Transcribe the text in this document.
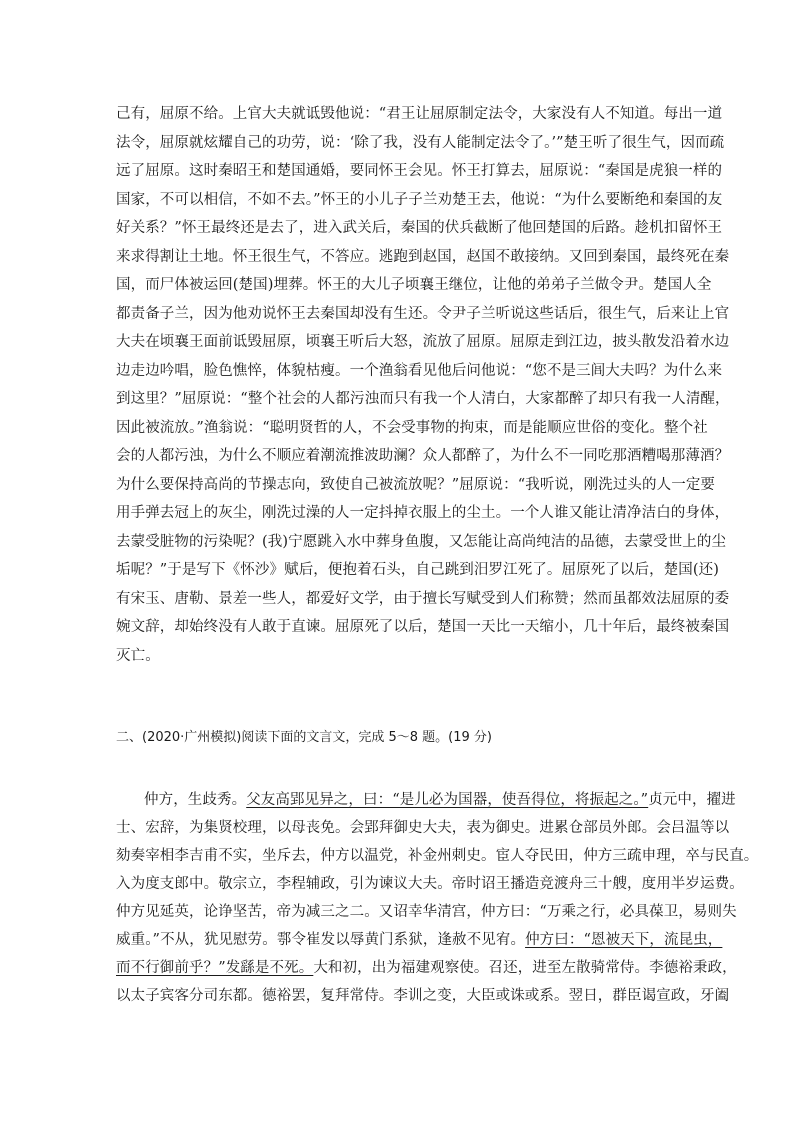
己有，屈原不给。上官大夫就诋毁他说：“君王让屈原制定法令，大家没有人不知道。每出一道
法令，屈原就炫耀自己的功劳，说：‘除了我，没有人能制定法令了。’”楚王听了很生气，因而疏
远了屈原。这时秦昭王和楚国通婚，要同怀王会见。怀王打算去，屈原说：“秦国是虎狼一样的
国家，不可以相信，不如不去。”怀王的小儿子子兰劝楚王去，他说：“为什么要断绝和秦国的友
好关系？”怀王最终还是去了，进入武关后，秦国的伏兵截断了他回楚国的后路。趁机扣留怀王
来求得割让土地。怀王很生气，不答应。逃跑到赵国，赵国不敢接纳。又回到秦国，最终死在秦
国，而尸体被运回(楚国)埋葬。怀王的大儿子顷襄王继位，让他的弟弟子兰做令尹。楚国人全
都责备子兰，因为他劝说怀王去秦国却没有生还。令尹子兰听说这些话后，很生气，后来让上官
大夫在顷襄王面前诋毁屈原，顷襄王听后大怒，流放了屈原。屈原走到江边，披头散发沿着水边
边走边吟唱，脸色憔悴，体貌枯瘦。一个渔翁看见他后问他说：“您不是三闾大夫吗？为什么来
到这里？”屈原说：“整个社会的人都污浊而只有我一个人清白，大家都醉了却只有我一人清醒，
因此被流放。”渔翁说：“聪明贤哲的人，不会受事物的拘束，而是能顺应世俗的变化。整个社
会的人都污浊，为什么不顺应着潮流推波助澜？众人都醉了，为什么不一同吃那酒糟喝那薄酒？
为什么要保持高尚的节操志向，致使自己被流放呢？”屈原说：“我听说，刚洗过头的人一定要
用手弹去冠上的灰尘，刚洗过澡的人一定抖掉衣服上的尘土。一个人谁又能让清净洁白的身体，
去蒙受脏物的污染呢？(我)宁愿跳入水中葬身鱼腹，又怎能让高尚纯洁的品德，去蒙受世上的尘
垢呢？”于是写下《怀沙》赋后，便抱着石头，自己跳到汨罗江死了。屈原死了以后，楚国(还)
有宋玉、唐勒、景差一些人，都爱好文学，由于擅长写赋受到人们称赞；然而虽都效法屈原的委
婉文辞，却始终没有人敢于直谏。屈原死了以后，楚国一天比一天缩小，几十年后，最终被秦国
灭亡。
二、(2020·广州模拟)阅读下面的文言文，完成 5～8 题。(19 分)
仲方，生歧秀。父友高郢见异之，曰：“是儿必为国器，使吾得位，将振起之。”贞元中，擢进
士、宏辞，为集贤校理，以母丧免。会郢拜御史大夫，表为御史。进累仓部员外郎。会吕温等以
劾奏宰相李吉甫不实，坐斥去，仲方以温党，补金州刺史。宦人夺民田，仲方三疏申理，卒与民直。
入为度支郎中。敬宗立，李程辅政，引为谏议大夫。帝时诏王播造竞渡舟三十艘，度用半岁运费。
仲方见延英，论诤坚苦，帝为减三之二。又诏幸华清宫，仲方曰：“万乘之行，必具葆卫，易则失
威重。”不从，犹见慰劳。鄠令崔发以辱黄门系狱，逢赦不见宥。仲方曰：“恩被天下，流昆虫，
而不行御前乎？”发繇是不死。大和初，出为福建观察使。召还，进至左散骑常侍。李德裕秉政，
以太子宾客分司东都。德裕罢，复拜常侍。李训之变，大臣或诛或系。翌日，群臣谒宣政，牙阖
